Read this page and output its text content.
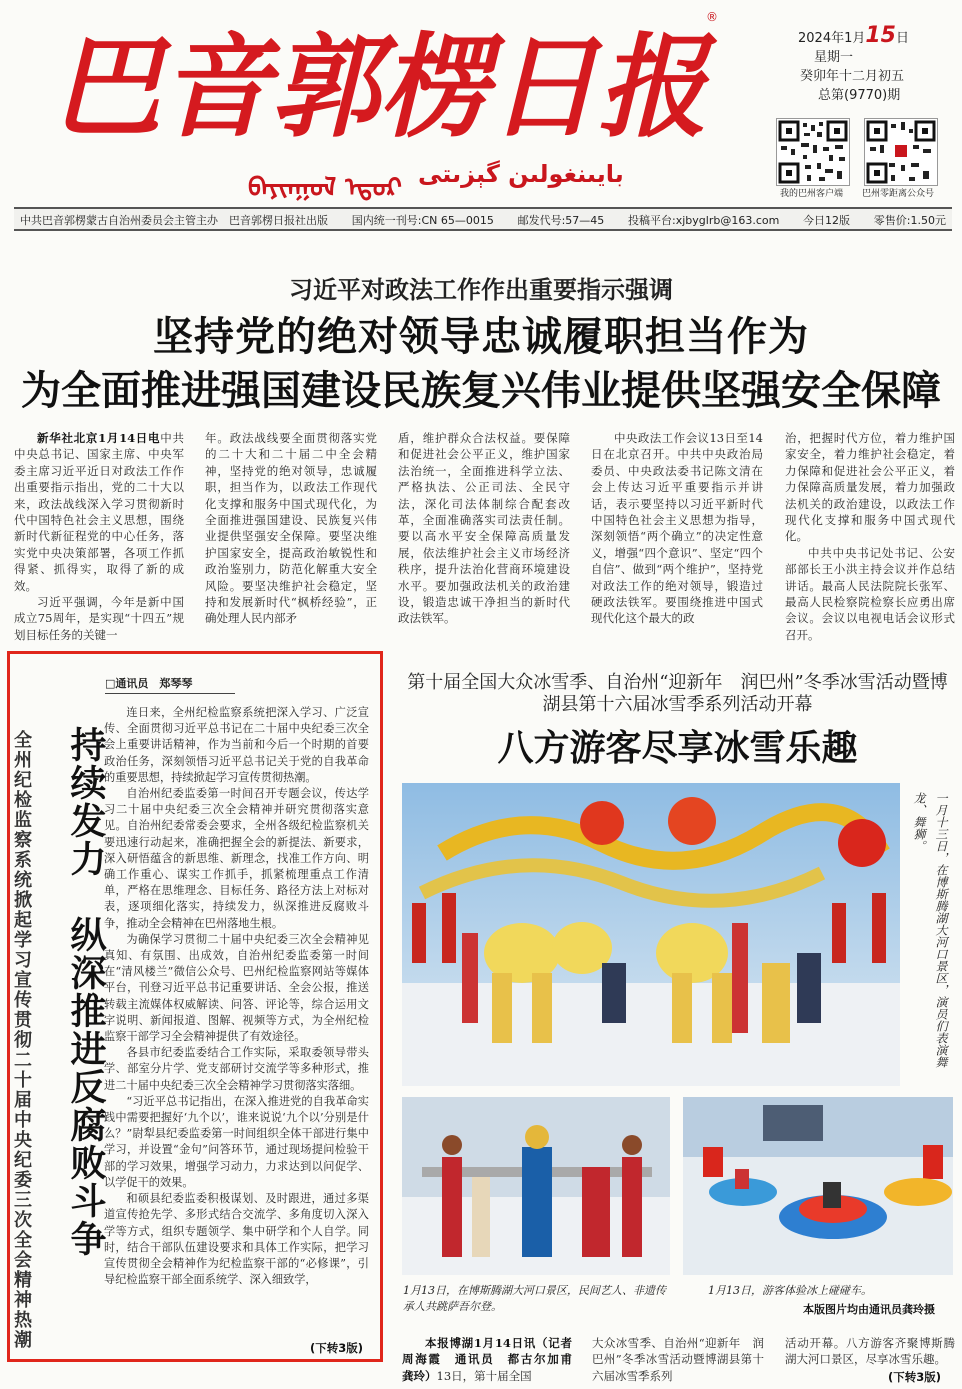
巴音郭楞日报
®
ᠪᠠᠶᠢᠨᠭᠣᠯ ᠡᠳᠦᠷ بايىنغولىن گېزىتى
2024年1月15日
星期一
癸卯年十二月初五
总第(9770)期
我的巴州客户端 巴州零距离公众号
中共巴音郭楞蒙古自治州委员会主管主办　巴音郭楞日报社出版 国内统一刊号:CN 65—0015 邮发代号:57—45 投稿平台:xjbyglrb@163.com 今日12版 零售价:1.50元
习近平对政法工作作出重要指示强调
坚持党的绝对领导忠诚履职担当作为
为全面推进强国建设民族复兴伟业提供坚强安全保障

新华社北京1月14日电中共中央总书记、国家主席、中央军委主席习近平近日对政法工作作出重要指示指出，党的二十大以来，政法战线深入学习贯彻新时代中国特色社会主义思想，围绕新时代新征程党的中心任务，落实党中央决策部署，各项工作抓得紧、抓得实，取得了新的成效。

习近平强调，今年是新中国成立75周年，是实现“十四五”规划目标任务的关键一

年。政法战线要全面贯彻落实党的二十大和二十届二中全会精神，坚持党的绝对领导，忠诚履职，担当作为，以政法工作现代化支撑和服务中国式现代化，为全面推进强国建设、民族复兴伟业提供坚强安全保障。要坚决维护国家安全，提高政治敏锐性和政治鉴别力，防范化解重大安全风险。要坚决维护社会稳定，坚持和发展新时代“枫桥经验”，正确处理人民内部矛

盾，维护群众合法权益。要保障和促进社会公平正义，维护国家法治统一，全面推进科学立法、严格执法、公正司法、全民守法，深化司法体制综合配套改革，全面准确落实司法责任制。要以高水平安全保障高质量发展，依法维护社会主义市场经济秩序，提升法治化营商环境建设水平。要加强政法机关的政治建设，锻造忠诚干净担当的新时代政法铁军。

中央政法工作会议13日至14日在北京召开。中共中央政治局委员、中央政法委书记陈文清在会上传达习近平重要指示并讲话，表示要坚持以习近平新时代中国特色社会主义思想为指导，深刻领悟“两个确立”的决定性意义，增强“四个意识”、坚定“四个自信”、做到“两个维护”，坚持党对政法工作的绝对领导，锻造过硬政法铁军。要围绕推进中国式现代化这个最大的政

治，把握时代方位，着力维护国家安全，着力维护社会稳定，着力保障和促进社会公平正义，着力保障高质量发展，着力加强政法机关的政治建设，以政法工作现代化支撑和服务中国式现代化。

中共中央书记处书记、公安部部长王小洪主持会议并作总结讲话。最高人民法院院长张军、最高人民检察院检察长应勇出席会议。会议以电视电话会议形式召开。

□通讯员　郑琴琴
全州纪检监察系统掀起学习宣传贯彻二十届中央纪委三次全会精神热潮 持续发力　纵深推进反腐败斗争

连日来，全州纪检监察系统把深入学习、广泛宣传、全面贯彻习近平总书记在二十届中央纪委三次全会上重要讲话精神，作为当前和今后一个时期的首要政治任务，深刻领悟习近平总书记关于党的自我革命的重要思想，持续掀起学习宣传贯彻热潮。

自治州纪委监委第一时间召开专题会议，传达学习二十届中央纪委三次全会精神并研究贯彻落实意见。自治州纪委常委会要求，全州各级纪检监察机关要迅速行动起来，准确把握全会的新提法、新要求，深入研悟蕴含的新思维、新理念，找准工作方向、明确工作重心、谋实工作抓手，抓紧梳理重点工作清单，严格在思维理念、目标任务、路径方法上对标对表，逐项细化落实，持续发力，纵深推进反腐败斗争，推动全会精神在巴州落地生根。

为确保学习贯彻二十届中央纪委三次全会精神见真知、有氛围、出成效，自治州纪委监委第一时间在“清风楼兰”微信公众号、巴州纪检监察网站等媒体平台，刊登习近平总书记重要讲话、全会公报，推送转载主流媒体权威解读、问答、评论等，综合运用文字说明、新闻报道、图解、视频等方式，为全州纪检监察干部学习全会精神提供了有效途径。

各县市纪委监委结合工作实际，采取委领导带头学、部室分片学、党支部研讨交流学等多种形式，推进二十届中央纪委三次全会精神学习贯彻落实落细。

“习近平总书记指出，在深入推进党的自我革命实践中需要把握好‘九个以’，谁来说说‘九个以’分别是什么？”尉犁县纪委监委第一时间组织全体干部进行集中学习，并设置“金句”问答环节，通过现场提问检验干部的学习效果，增强学习动力，力求达到以问促学、以学促干的效果。

和硕县纪委监委积极谋划、及时跟进，通过多渠道宣传抢先学、多形式结合交流学、多角度切入深入学等方式，组织专题领学、集中研学和个人自学。同时，结合干部队伍建设要求和具体工作实际，把学习宣传贯彻全会精神作为纪检监察干部的“必修课”，引导纪检监察干部全面系统学、深入细致学，

(下转3版)
第十届全国大众冰雪季、自治州“迎新年　润巴州”冬季冰雪活动暨博湖县第十六届冰雪季系列活动开幕
八方游客尽享冰雪乐趣
一月十三日，在博斯腾湖大河口景区，演员们表演舞龙、舞狮。
1月13日，在博斯腾湖大河口景区，民间艺人、非遗传承人共跳萨吾尔登。
1月13日，游客体验冰上碰碰车。
本版图片均由通讯员龚玲摄

本报博湖1月14日讯（记者　周海霞　通讯员　都古尔加甫　龚玲）13日，第十届全国

大众冰雪季、自治州“迎新年　润巴州”冬季冰雪活动暨博湖县第十六届冰雪季系列

活动开幕。八方游客齐聚博斯腾湖大河口景区，尽享冰雪乐趣。

(下转3版)
